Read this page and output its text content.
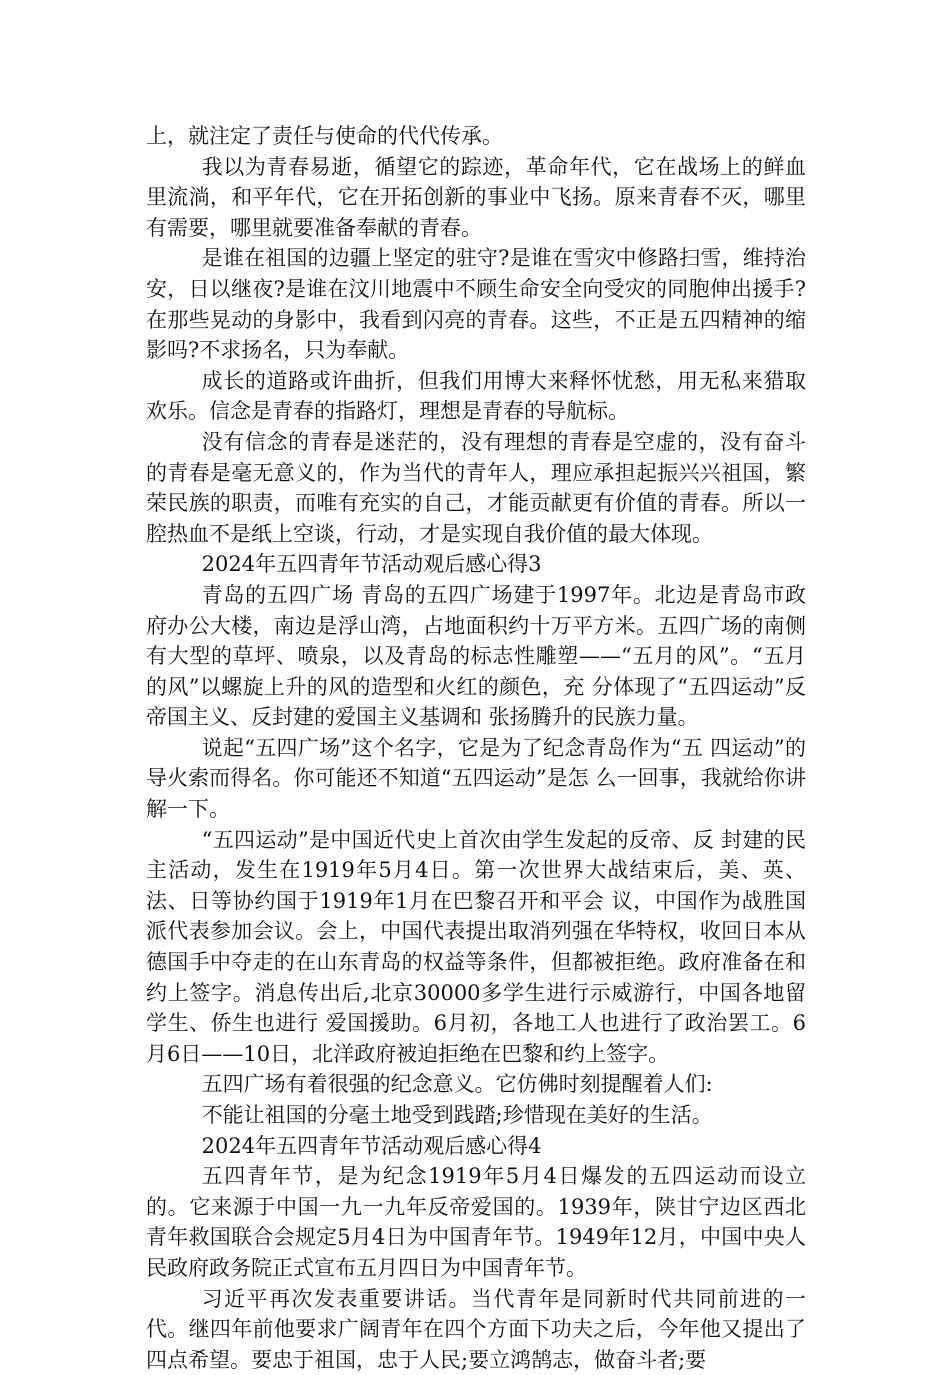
上，就注定了责任与使命的代代传承。

我以为青春易逝，循望它的踪迹，革命年代，它在战场上的鲜血里流淌，和平年代，它在开拓创新的事业中飞扬。原来青春不灭，哪里有需要，哪里就要准备奉献的青春。

是谁在祖国的边疆上坚定的驻守?是谁在雪灾中修路扫雪，维持治安，日以继夜?是谁在汶川地震中不顾生命安全向受灾的同胞伸出援手?在那些晃动的身影中，我看到闪亮的青春。这些，不正是五四精神的缩影吗?不求扬名，只为奉献。

成长的道路或许曲折，但我们用博大来释怀忧愁，用无私来猎取欢乐。信念是青春的指路灯，理想是青春的导航标。

没有信念的青春是迷茫的，没有理想的青春是空虚的，没有奋斗的青春是毫无意义的，作为当代的青年人，理应承担起振兴兴祖国，繁荣民族的职责，而唯有充实的自己，才能贡献更有价值的青春。所以一腔热血不是纸上空谈，行动，才是实现自我价值的最大体现。

2024年五四青年节活动观后感心得3

青岛的五四广场 青岛的五四广场建于1997年。北边是青岛市政府办公大楼，南边是浮山湾，占地面积约十万平方米。五四广场的南侧有大型的草坪、喷泉，以及青岛的标志性雕塑——“五月的风”。“五月的风”以螺旋上升的风的造型和火红的颜色，充 分体现了“五四运动”反帝国主义、反封建的爱国主义基调和 张扬腾升的民族力量。

说起“五四广场”这个名字，它是为了纪念青岛作为“五 四运动”的导火索而得名。你可能还不知道“五四运动”是怎 么一回事，我就给你讲解一下。

“五四运动”是中国近代史上首次由学生发起的反帝、反 封建的民主活动，发生在1919年5月4日。第一次世界大战结束后，美、英、法、日等协约国于1919年1月在巴黎召开和平会 议，中国作为战胜国派代表参加会议。会上，中国代表提出取消列强在华特权，收回日本从德国手中夺走的在山东青岛的权益等条件，但都被拒绝。政府准备在和约上签字。消息传出后,北京30000多学生进行示威游行，中国各地留学生、侨生也进行 爱国援助。6月初，各地工人也进行了政治罢工。6月6日——10日，北洋政府被迫拒绝在巴黎和约上签字。

五四广场有着很强的纪念意义。它仿佛时刻提醒着人们:

不能让祖国的分毫土地受到践踏;珍惜现在美好的生活。

2024年五四青年节活动观后感心得4

五四青年节，是为纪念1919年5月4日爆发的五四运动而设立的。它来源于中国一九一九年反帝爱国的。1939年，陕甘宁边区西北青年救国联合会规定5月4日为中国青年节。1949年12月，中国中央人民政府政务院正式宣布五月四日为中国青年节。

习近平再次发表重要讲话。当代青年是同新时代共同前进的一代。继四年前他要求广阔青年在四个方面下功夫之后，今年他又提出了四点希望。要忠于祖国，忠于人民;要立鸿鹄志，做奋斗者;要
